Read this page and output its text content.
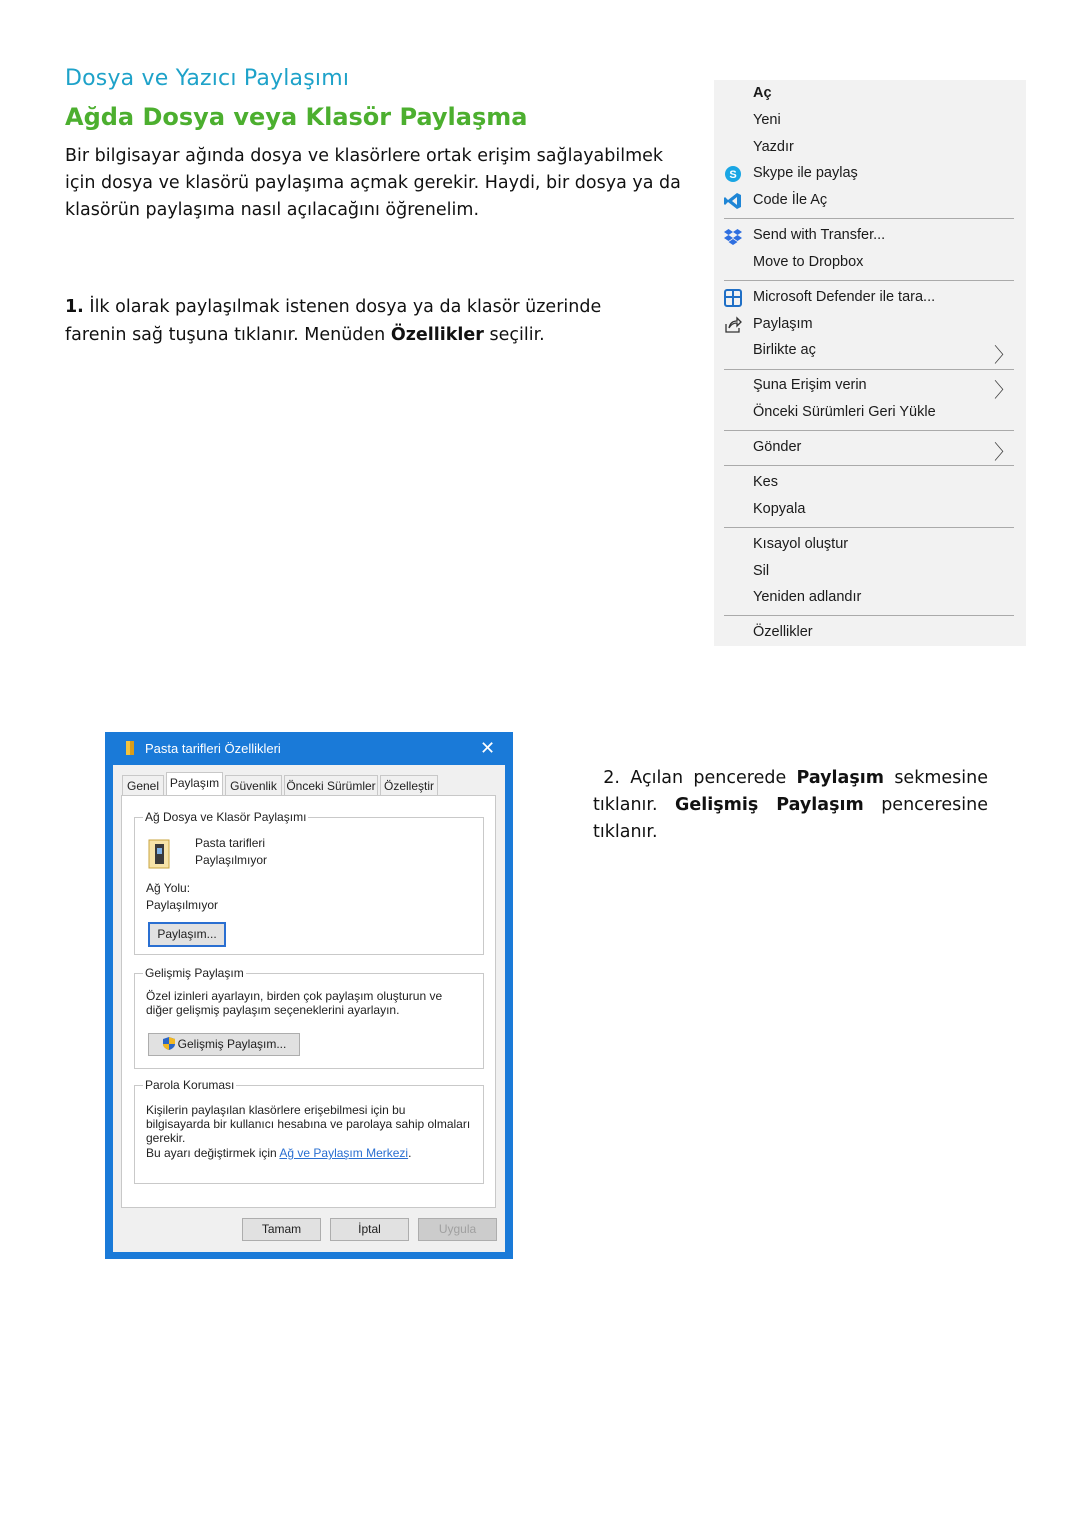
Dosya ve Yazıcı Paylaşımı
Ağda Dosya veya Klasör Paylaşma
Bir bilgisayar ağında dosya ve klasörlere ortak erişim sağlayabilmek için dosya ve klasörü paylaşıma açmak gerekir. Haydi, bir dosya ya da klasörün paylaşıma nasıl açılacağını öğrenelim.
1. İlk olarak paylaşılmak istenen dosya ya da klasör üzerinde farenin sağ tuşuna tıklanır. Menüden Özellikler seçilir.
2. Açılan pencerede Paylaşım sekmesine tıklanır. Gelişmiş Paylaşım penceresine tıklanır.
Aç
Yeni
Yazdır
S Skype ile paylaş
Code İle Aç
Send with Transfer...
Move to Dropbox
Microsoft Defender ile tara...
Paylaşım
Birlikte aç	〉
Şuna Erişim verin	〉
Önceki Sürümleri Geri Yükle
Gönder	〉
Kes
Kopyala
Kısayol oluştur
Sil
Yeniden adlandır
Özellikler
Pasta tarifleri Özellikleri	✕
Genel Paylaşım Güvenlik Önceki Sürümler Özelleştir
Ağ Dosya ve Klasör Paylaşımı
Pasta tarifleri
Paylaşılmıyor
Ağ Yolu:
Paylaşılmıyor
Paylaşım...
Gelişmiş Paylaşım
Özel izinleri ayarlayın, birden çok paylaşım oluşturun ve diğer gelişmiş paylaşım seçeneklerini ayarlayın.
Gelişmiş Paylaşım...
Parola Koruması
Kişilerin paylaşılan klasörlere erişebilmesi için bu bilgisayarda bir kullanıcı hesabına ve parolaya sahip olmaları gerekir.
Bu ayarı değiştirmek için Ağ ve Paylaşım Merkezi.
Tamam	İptal	Uygula
